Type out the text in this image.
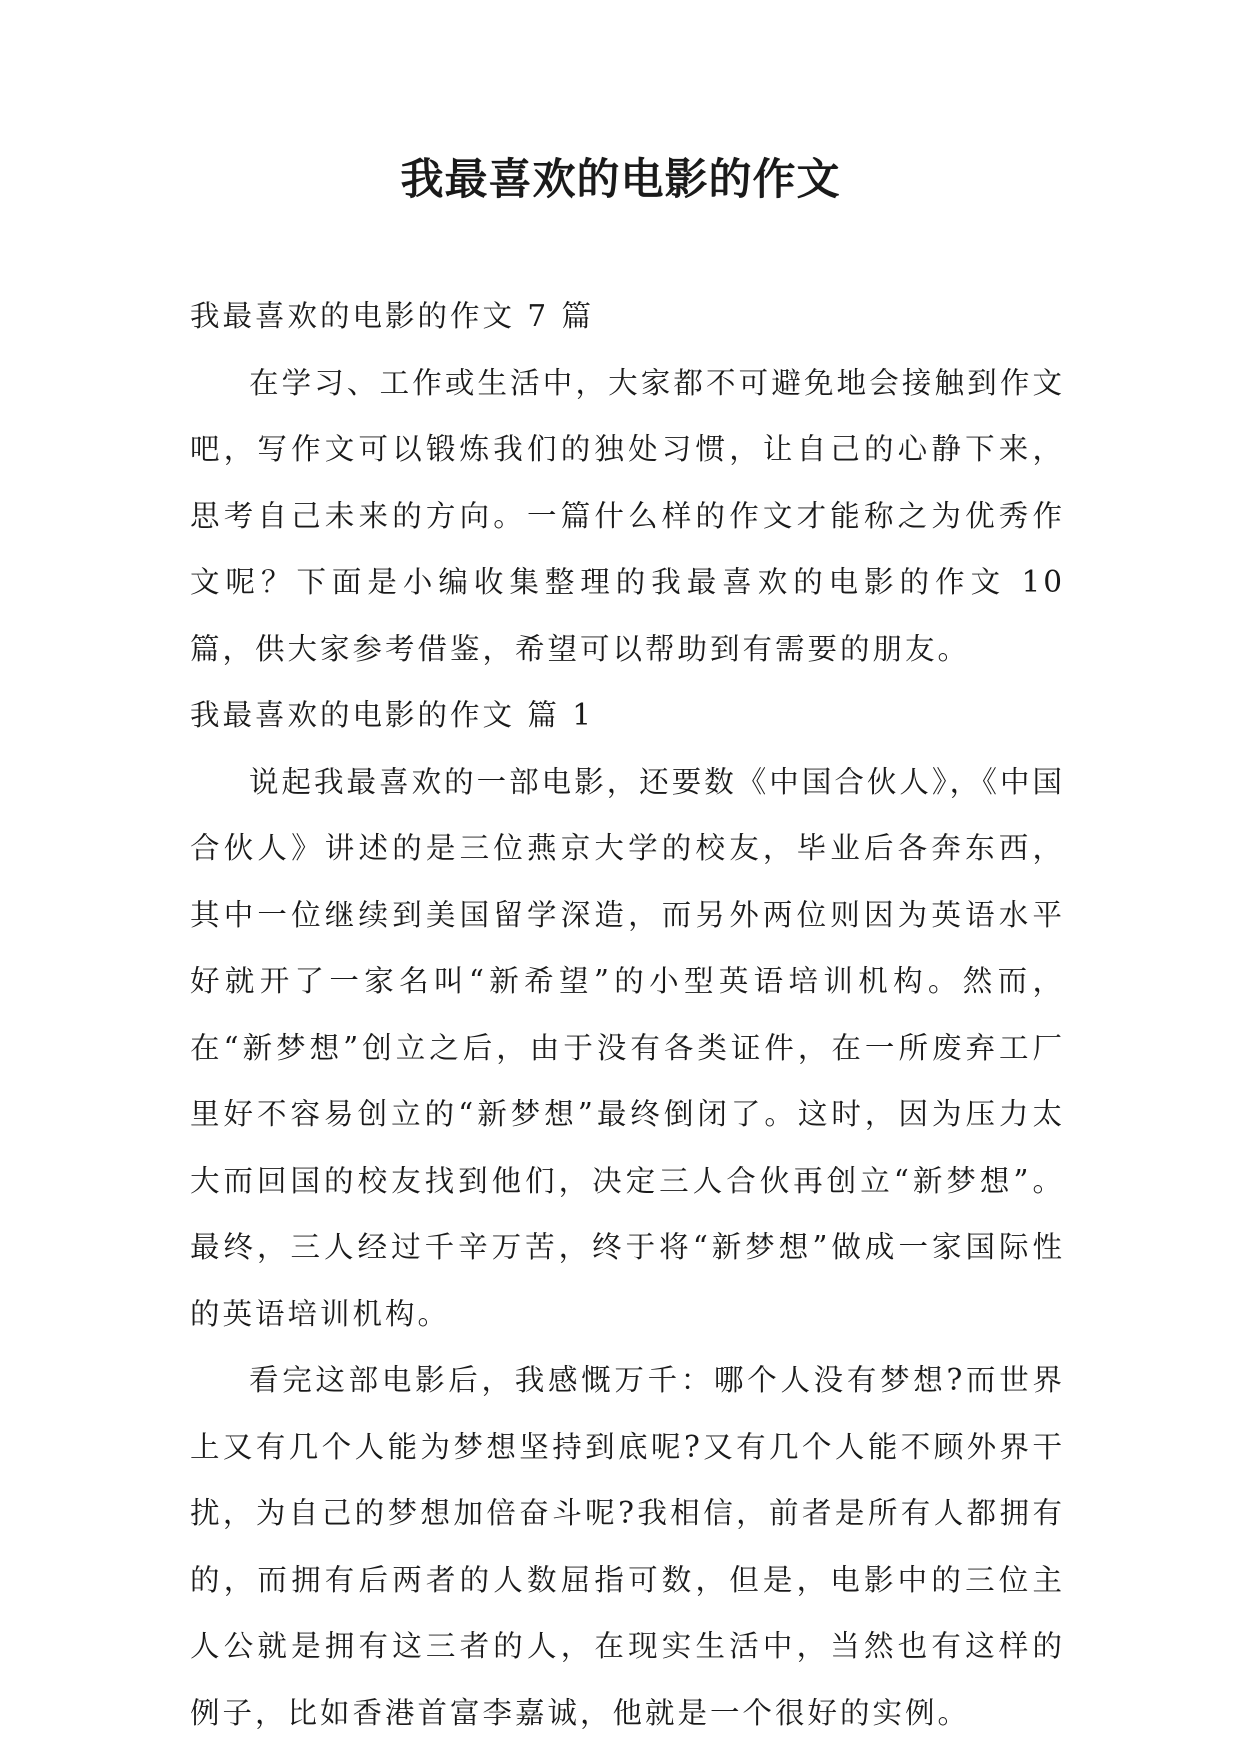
我最喜欢的电影的作文

我最喜欢的电影的作文 7 篇

在学习、工作或生活中，大家都不可避免地会接触到作文吧，写作文可以锻炼我们的独处习惯，让自己的心静下来，思考自己未来的方向。一篇什么样的作文才能称之为优秀作文呢？下面是小编收集整理的我最喜欢的电影的作文 10 篇，供大家参考借鉴，希望可以帮助到有需要的朋友。

我最喜欢的电影的作文 篇 1

说起我最喜欢的一部电影，还要数《中国合伙人》，《中国合伙人》讲述的是三位燕京大学的校友，毕业后各奔东西，其中一位继续到美国留学深造，而另外两位则因为英语水平好就开了一家名叫“新希望”的小型英语培训机构。然而，在“新梦想”创立之后，由于没有各类证件，在一所废弃工厂里好不容易创立的“新梦想”最终倒闭了。这时，因为压力太大而回国的校友找到他们，决定三人合伙再创立“新梦想”。最终，三人经过千辛万苦，终于将“新梦想”做成一家国际性的英语培训机构。

看完这部电影后，我感慨万千：哪个人没有梦想?而世界上又有几个人能为梦想坚持到底呢?又有几个人能不顾外界干扰，为自己的梦想加倍奋斗呢?我相信，前者是所有人都拥有的，而拥有后两者的人数屈指可数，但是，电影中的三位主人公就是拥有这三者的人，在现实生活中，当然也有这样的例子，比如香港首富李嘉诚，他就是一个很好的实例。
